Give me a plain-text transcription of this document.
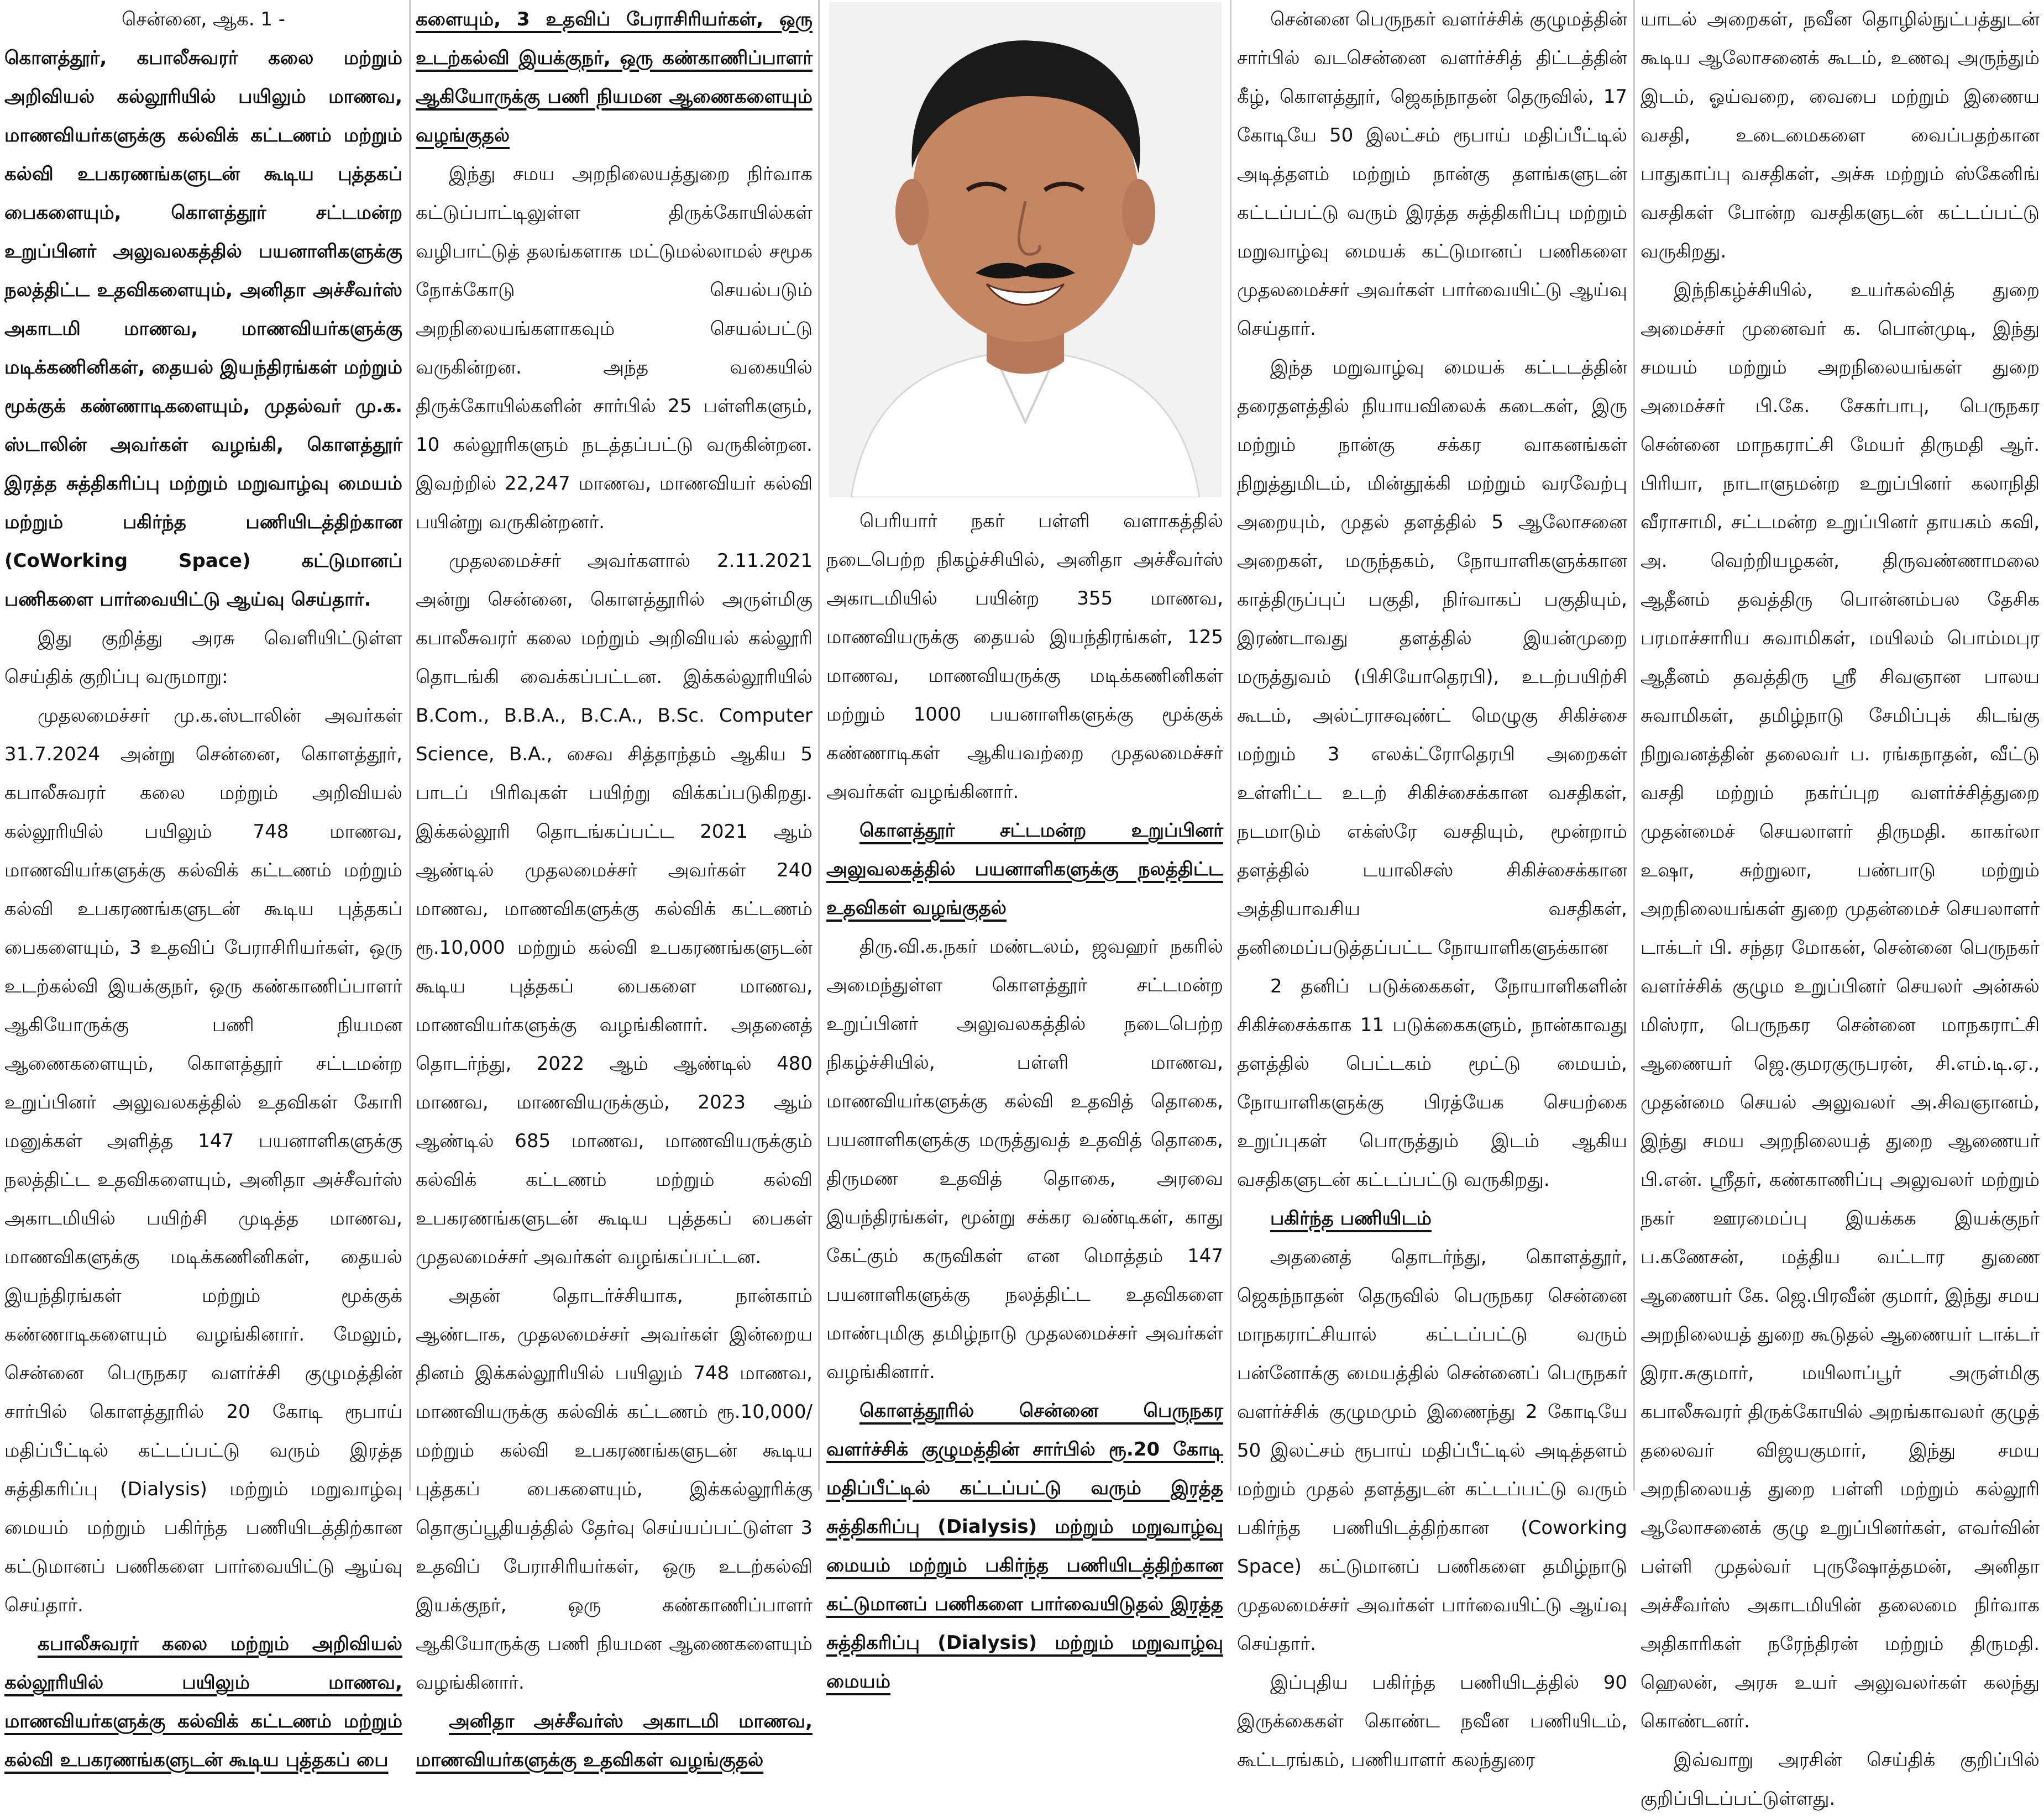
சென்னை, ஆக. 1 -

கொளத்தூர், கபாலீசுவரர் கலை மற்றும் அறிவியல் கல்லூரியில் பயிலும் மாணவ, மாணவியர்களுக்கு கல்விக் கட்டணம் மற்றும் கல்வி உபகரணங்களுடன் கூடிய புத்தகப் பைகளையும், கொளத்தூர் சட்டமன்ற உறுப்பினர் அலுவலகத்தில் பயனாளிகளுக்கு நலத்திட்ட உதவிகளையும், அனிதா அச்சீவர்ஸ் அகாடமி மாணவ, மாணவியர்களுக்கு மடிக்கணினிகள், தையல் இயந்திரங்கள் மற்றும் மூக்குக் கண்ணாடிகளையும், முதல்வர் மு.க. ஸ்டாலின் அவர்கள் வழங்கி, கொளத்தூர் இரத்த சுத்திகரிப்பு மற்றும் மறுவாழ்வு மையம் மற்றும் பகிர்ந்த பணியிடத்திற்கான (CoWorking Space) கட்டுமானப் பணிகளை பார்வையிட்டு ஆய்வு செய்தார்.

இது குறித்து அரசு வெளியிட்டுள்ள செய்திக் குறிப்பு வருமாறு:

முதலமைச்சர் மு.க.ஸ்டாலின் அவர்கள் 31.7.2024 அன்று சென்னை, கொளத்தூர், கபாலீசுவரர் கலை மற்றும் அறிவியல் கல்லூரியில் பயிலும் 748 மாணவ, மாணவியர்களுக்கு கல்விக் கட்டணம் மற்றும் கல்வி உபகரணங்களுடன் கூடிய புத்தகப் பைகளையும், 3 உதவிப் பேராசிரியர்கள், ஒரு உடற்கல்வி இயக்குநர், ஒரு கண்காணிப்பாளர் ஆகியோருக்கு பணி நியமன ஆணைகளையும், கொளத்தூர் சட்டமன்ற உறுப்பினர் அலுவலகத்தில் உதவிகள் கோரி மனுக்கள் அளித்த 147 பயனாளிகளுக்கு நலத்திட்ட உதவிகளையும், அனிதா அச்சீவர்ஸ் அகாடமியில் பயிற்சி முடித்த மாணவ, மாணவிகளுக்கு மடிக்கணினிகள், தையல் இயந்திரங்கள் மற்றும் மூக்குக் கண்ணாடிகளையும் வழங்கினார். மேலும், சென்னை பெருநகர வளர்ச்சி குழுமத்தின் சார்பில் கொளத்தூரில் 20 கோடி ரூபாய் மதிப்பீட்டில் கட்டப்பட்டு வரும் இரத்த சுத்திகரிப்பு (Dialysis) மற்றும் மறுவாழ்வு மையம் மற்றும் பகிர்ந்த பணியிடத்திற்கான கட்டுமானப் பணிகளை பார்வையிட்டு ஆய்வு செய்தார்.

கபாலீசுவரர் கலை மற்றும் அறிவியல் கல்லூரியில் பயிலும் மாணவ, மாணவியர்களுக்கு கல்விக் கட்டணம் மற்றும் கல்வி உபகரணங்களுடன் கூடிய புத்தகப் பை

களையும், 3 உதவிப் பேராசிரியர்கள், ஒரு உடற்கல்வி இயக்குநர், ஒரு கண்காணிப்பாளர் ஆகியோருக்கு பணி நியமன ஆணைகளையும் வழங்குதல்

இந்து சமய அறநிலையத்துறை நிர்வாக கட்டுப்பாட்டிலுள்ள திருக்கோயில்கள் வழிபாட்டுத் தலங்களாக மட்டுமல்லாமல் சமூக நோக்கோடு செயல்படும் அறநிலையங்களாகவும் செயல்பட்டு வருகின்றன. அந்த வகையில் திருக்கோயில்களின் சார்பில் 25 பள்ளிகளும், 10 கல்லூரிகளும் நடத்தப்பட்டு வருகின்றன. இவற்றில் 22,247 மாணவ, மாணவியர் கல்வி பயின்று வருகின்றனர்.

முதலமைச்சர் அவர்களால் 2.11.2021 அன்று சென்னை, கொளத்தூரில் அருள்மிகு கபாலீசுவரர் கலை மற்றும் அறிவியல் கல்லூரி தொடங்கி வைக்கப்பட்டன. இக்கல்லூரியில் B.Com., B.B.A., B.C.A., B.Sc. Computer Science, B.A., சைவ சித்தாந்தம் ஆகிய 5 பாடப் பிரிவுகள் பயிற்று விக்கப்படுகிறது. இக்கல்லூரி தொடங்கப்பட்ட 2021 ஆம் ஆண்டில் முதலமைச்சர் அவர்கள் 240 மாணவ, மாணவிகளுக்கு கல்விக் கட்டணம் ரூ.10,000 மற்றும் கல்வி உபகரணங்களுடன் கூடிய புத்தகப் பைகளை மாணவ, மாணவியர்களுக்கு வழங்கினார். அதனைத் தொடர்ந்து, 2022 ஆம் ஆண்டில் 480 மாணவ, மாணவியருக்கும், 2023 ஆம் ஆண்டில் 685 மாணவ, மாணவியருக்கும் கல்விக் கட்டணம் மற்றும் கல்வி உபகரணங்களுடன் கூடிய புத்தகப் பைகள் முதலமைச்சர் அவர்கள் வழங்கப்பட்டன.

அதன் தொடர்ச்சியாக, நான்காம் ஆண்டாக, முதலமைச்சர் அவர்கள் இன்றைய தினம் இக்கல்லூரியில் பயிலும் 748 மாணவ, மாணவியருக்கு கல்விக் கட்டணம் ரூ.10,000/ மற்றும் கல்வி உபகரணங்களுடன் கூடிய புத்தகப் பைகளையும், இக்கல்லூரிக்கு தொகுப்பூதியத்தில் தேர்வு செய்யப்பட்டுள்ள 3 உதவிப் பேராசிரியர்கள், ஒரு உடற்கல்வி இயக்குநர், ஒரு கண்காணிப்பாளர் ஆகியோருக்கு பணி நியமன ஆணைகளையும் வழங்கினார்.

அனிதா அச்சீவர்ஸ் அகாடமி மாணவ, மாணவியர்களுக்கு உதவிகள் வழங்குதல்

பெரியார் நகர் பள்ளி வளாகத்தில் நடைபெற்ற நிகழ்ச்சியில், அனிதா அச்சீவர்ஸ் அகாடமியில் பயின்ற 355 மாணவ, மாணவியருக்கு தையல் இயந்திரங்கள், 125 மாணவ, மாணவியருக்கு மடிக்கணினிகள் மற்றும் 1000 பயனாளிகளுக்கு மூக்குக் கண்ணாடிகள் ஆகியவற்றை முதலமைச்சர் அவர்கள் வழங்கினார்.

கொளத்தூர் சட்டமன்ற உறுப்பினர் அலுவலகத்தில் பயனாளிகளுக்கு நலத்திட்ட உதவிகள் வழங்குதல்

திரு.வி.க.நகர் மண்டலம், ஜவஹர் நகரில் அமைந்துள்ள கொளத்தூர் சட்டமன்ற உறுப்பினர் அலுவலகத்தில் நடைபெற்ற நிகழ்ச்சியில், பள்ளி மாணவ, மாணவியர்களுக்கு கல்வி உதவித் தொகை, பயனாளிகளுக்கு மருத்துவத் உதவித் தொகை, திருமண உதவித் தொகை, அரவை இயந்திரங்கள், மூன்று சக்கர வண்டிகள், காது கேட்கும் கருவிகள் என மொத்தம் 147 பயனாளிகளுக்கு நலத்திட்ட உதவிகளை மாண்புமிகு தமிழ்நாடு முதலமைச்சர் அவர்கள் வழங்கினார்.

கொளத்தூரில் சென்னை பெருநகர வளர்ச்சிக் குழுமத்தின் சார்பில் ரூ.20 கோடி மதிப்பீட்டில் கட்டப்பட்டு வரும் இரத்த சுத்திகரிப்பு (Dialysis) மற்றும் மறுவாழ்வு மையம் மற்றும் பகிர்ந்த பணியிடத்திற்கான கட்டுமானப் பணிகளை பார்வையிடுதல் இரத்த சுத்திகரிப்பு (Dialysis) மற்றும் மறுவாழ்வு மையம்

சென்னை பெருநகர் வளர்ச்சிக் குழுமத்தின் சார்பில் வடசென்னை வளர்ச்சித் திட்டத்தின் கீழ், கொளத்தூர், ஜெகந்நாதன் தெருவில், 17 கோடியே 50 இலட்சம் ரூபாய் மதிப்பீட்டில் அடித்தளம் மற்றும் நான்கு தளங்களுடன் கட்டப்பட்டு வரும் இரத்த சுத்திகரிப்பு மற்றும் மறுவாழ்வு மையக் கட்டுமானப் பணிகளை முதலமைச்சர் அவர்கள் பார்வையிட்டு ஆய்வு செய்தார்.

இந்த மறுவாழ்வு மையக் கட்டடத்தின் தரைதளத்தில் நியாயவிலைக் கடைகள், இரு மற்றும் நான்கு சக்கர வாகனங்கள் நிறுத்துமிடம், மின்தூக்கி மற்றும் வரவேற்பு அறையும், முதல் தளத்தில் 5 ஆலோசனை அறைகள், மருந்தகம், நோயாளிகளுக்கான காத்திருப்புப் பகுதி, நிர்வாகப் பகுதியும், இரண்டாவது தளத்தில் இயன்முறை மருத்துவம் (பிசியோதெரபி), உடற்பயிற்சி கூடம், அல்ட்ராசவுண்ட் மெழுகு சிகிச்சை மற்றும் 3 எலக்ட்ரோதெரபி அறைகள் உள்ளிட்ட உடற் சிகிச்சைக்கான வசதிகள், நடமாடும் எக்ஸ்ரே வசதியும், மூன்றாம் தளத்தில் டயாலிசஸ் சிகிச்சைக்கான அத்தியாவசிய வசதிகள், தனிமைப்படுத்தப்பட்ட நோயாளிகளுக்கான

2 தனிப் படுக்கைகள், நோயாளிகளின் சிகிச்சைக்காக 11 படுக்கைகளும், நான்காவது தளத்தில் பெட்டகம் மூட்டு மையம், நோயாளிகளுக்கு பிரத்யேக செயற்கை உறுப்புகள் பொருத்தும் இடம் ஆகிய வசதிகளுடன் கட்டப்பட்டு வருகிறது.

பகிர்ந்த பணியிடம்

அதனைத் தொடர்ந்து, கொளத்தூர், ஜெகந்நாதன் தெருவில் பெருநகர சென்னை மாநகராட்சியால் கட்டப்பட்டு வரும் பன்னோக்கு மையத்தில் சென்னைப் பெருநகர் வளர்ச்சிக் குழுமமும் இணைந்து 2 கோடியே 50 இலட்சம் ரூபாய் மதிப்பீட்டில் அடித்தளம் மற்றும் முதல் தளத்துடன் கட்டப்பட்டு வரும் பகிர்ந்த பணியிடத்திற்கான (Coworking Space) கட்டுமானப் பணிகளை தமிழ்நாடு முதலமைச்சர் அவர்கள் பார்வையிட்டு ஆய்வு செய்தார்.

இப்புதிய பகிர்ந்த பணியிடத்தில் 90 இருக்கைகள் கொண்ட நவீன பணியிடம், கூட்டரங்கம், பணியாளர் கலந்துரை

யாடல் அறைகள், நவீன தொழில்நுட்பத்துடன் கூடிய ஆலோசனைக் கூடம், உணவு அருந்தும் இடம், ஓய்வறை, வைபை மற்றும் இணைய வசதி, உடைமைகளை வைப்பதற்கான பாதுகாப்பு வசதிகள், அச்சு மற்றும் ஸ்கேனிங் வசதிகள் போன்ற வசதிகளுடன் கட்டப்பட்டு வருகிறது.

இந்நிகழ்ச்சியில், உயர்கல்வித் துறை அமைச்சர் முனைவர் க. பொன்முடி, இந்து சமயம் மற்றும் அறநிலையங்கள் துறை அமைச்சர் பி.கே. சேகர்பாபு, பெருநகர சென்னை மாநகராட்சி மேயர் திருமதி ஆர். பிரியா, நாடாளுமன்ற உறுப்பினர் கலாநிதி வீராசாமி, சட்டமன்ற உறுப்பினர் தாயகம் கவி, அ. வெற்றியழகன், திருவண்ணாமலை ஆதீனம் தவத்திரு பொன்னம்பல தேசிக பரமாச்சாரிய சுவாமிகள், மயிலம் பொம்மபுர ஆதீனம் தவத்திரு ஸ்ரீ சிவஞான பாலய சுவாமிகள், தமிழ்நாடு சேமிப்புக் கிடங்கு நிறுவனத்தின் தலைவர் ப. ரங்கநாதன், வீட்டு வசதி மற்றும் நகர்ப்புற வளர்ச்சித்துறை முதன்மைச் செயலாளர் திருமதி. காகர்லா உஷா, சுற்றுலா, பண்பாடு மற்றும் அறநிலையங்கள் துறை முதன்மைச் செயலாளர் டாக்டர் பி. சந்தர மோகன், சென்னை பெருநகர் வளர்ச்சிக் குழும உறுப்பினர் செயலர் அன்சுல் மிஸ்ரா, பெருநகர சென்னை மாநகராட்சி ஆணையர் ஜெ.குமரகுருபரன், சி.எம்.டி.ஏ., முதன்மை செயல் அலுவலர் அ.சிவஞானம், இந்து சமய அறநிலையத் துறை ஆணையர் பி.என். ஸ்ரீதர், கண்காணிப்பு அலுவலர் மற்றும் நகர் ஊரமைப்பு இயக்கக இயக்குநர் ப.கணேசன், மத்திய வட்டார துணை ஆணையர் கே. ஜெ.பிரவீன் குமார், இந்து சமய அறநிலையத் துறை கூடுதல் ஆணையர் டாக்டர் இரா.சுகுமார், மயிலாப்பூர் அருள்மிகு கபாலீசுவரர் திருக்கோயில் அறங்காவலர் குழுத் தலைவர் விஜயகுமார், இந்து சமய அறநிலையத் துறை பள்ளி மற்றும் கல்லூரி ஆலோசனைக் குழு உறுப்பினர்கள், எவர்வின் பள்ளி முதல்வர் புருஷோத்தமன், அனிதா அச்சீவர்ஸ் அகாடமியின் தலைமை நிர்வாக அதிகாரிகள் நரேந்திரன் மற்றும் திருமதி. ஹெலன், அரசு உயர் அலுவலர்கள் கலந்து கொண்டனர்.

இவ்வாறு அரசின் செய்திக் குறிப்பில் குறிப்பிடப்பட்டுள்ளது.
